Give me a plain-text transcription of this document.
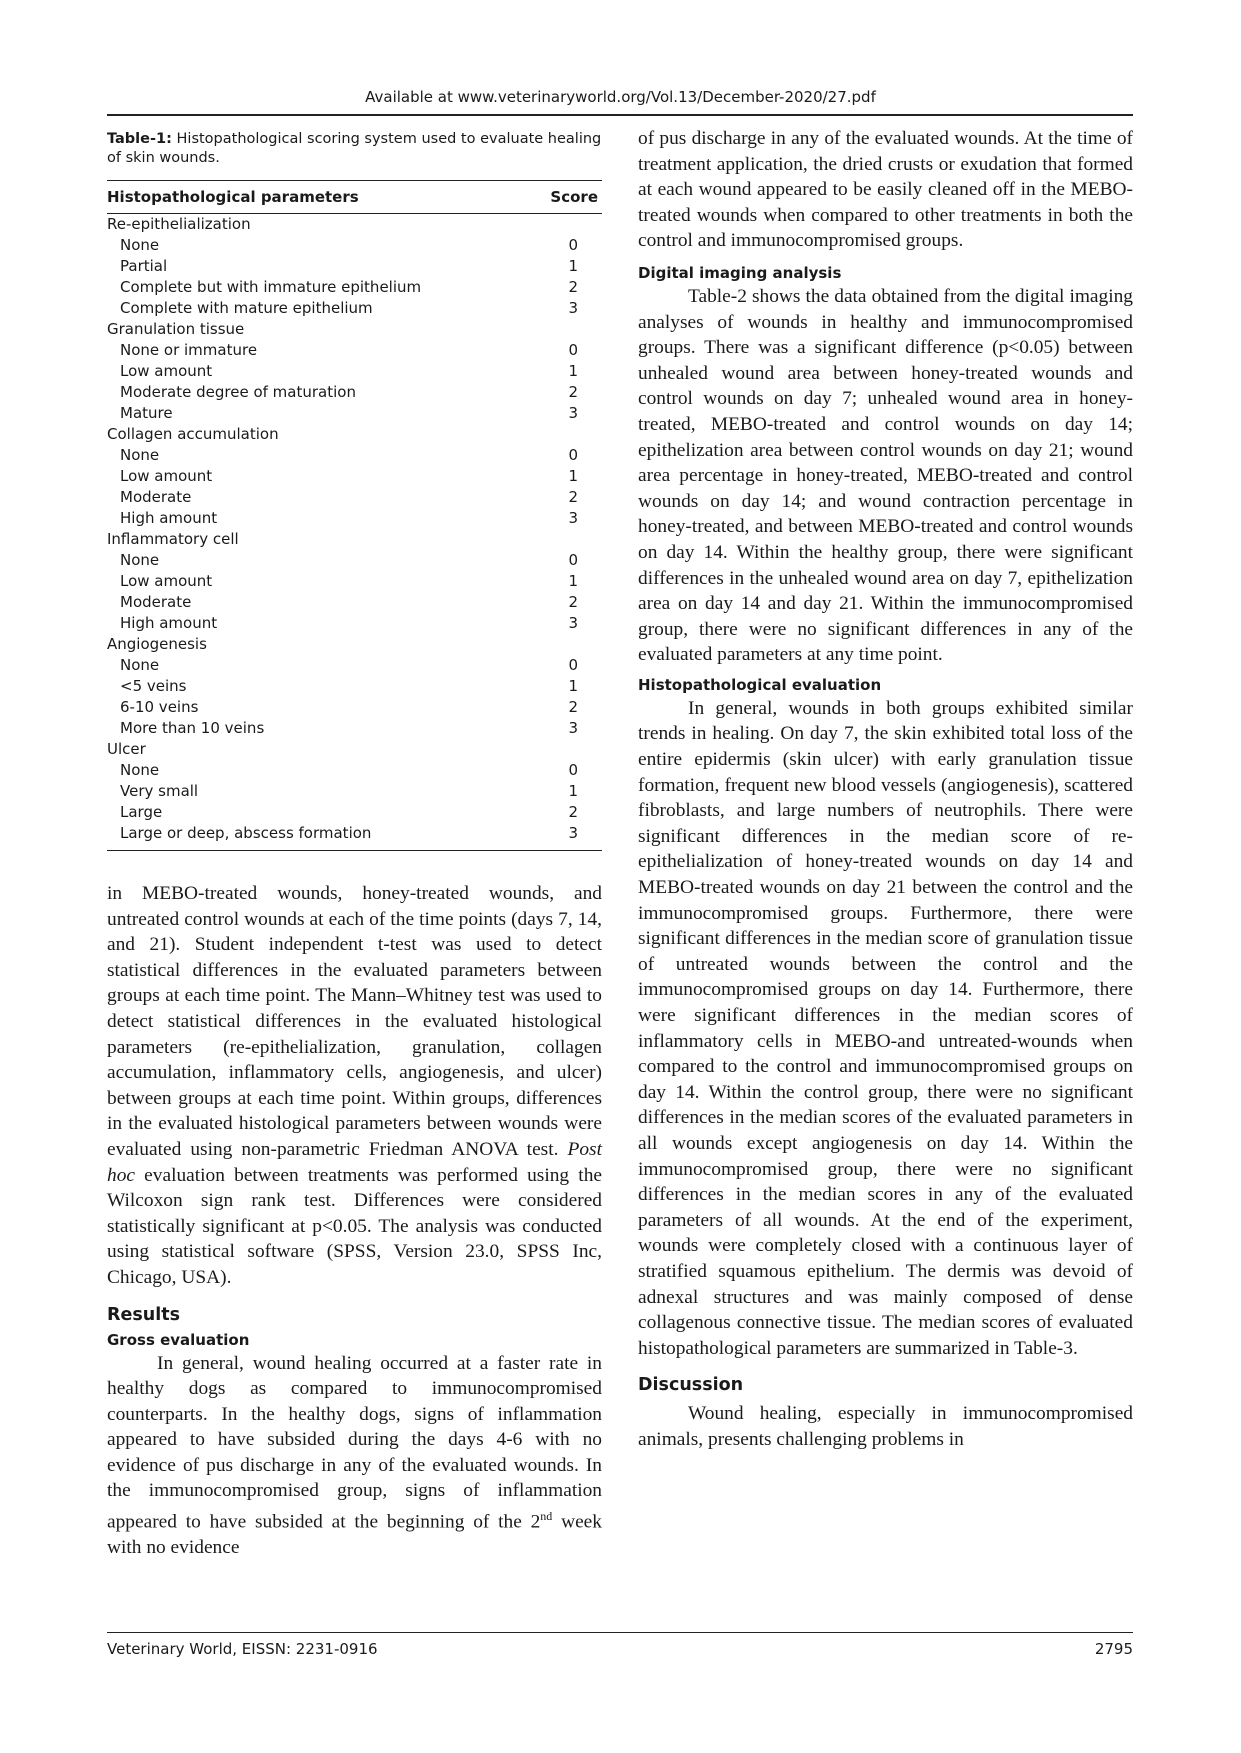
Available at www.veterinaryworld.org/Vol.13/December-2020/27.pdf
Table-1: Histopathological scoring system used to evaluate healing of skin wounds.
Histopathological parameters	Score
Re-epithelialization	
None	0
Partial	1
Complete but with immature epithelium	2
Complete with mature epithelium	3
Granulation tissue	
None or immature	0
Low amount	1
Moderate degree of maturation	2
Mature	3
Collagen accumulation	
None	0
Low amount	1
Moderate	2
High amount	3
Inflammatory cell	
None	0
Low amount	1
Moderate	2
High amount	3
Angiogenesis	
None	0
<5 veins	1
6-10 veins	2
More than 10 veins	3
Ulcer	
None	0
Very small	1
Large	2
Large or deep, abscess formation	3

in MEBO-treated wounds, honey-treated wounds, and untreated control wounds at each of the time points (days 7, 14, and 21). Student independent t-test was used to detect statistical differences in the evaluated parameters between groups at each time point. The Mann–Whitney test was used to detect statistical differences in the evaluated histological parameters (re-epithelialization, granulation, collagen accumulation, inflammatory cells, angiogenesis, and ulcer) between groups at each time point. Within groups, differences in the evaluated histological parameters between wounds were evaluated using non-parametric Friedman ANOVA test. Post hoc evaluation between treatments was performed using the Wilcoxon sign rank test. Differences were considered statistically significant at p<0.05. The analysis was conducted using statistical software (SPSS, Version 23.0, SPSS Inc, Chicago, USA).

Results
Gross evaluation

In general, wound healing occurred at a faster rate in healthy dogs as compared to immunocompromised counterparts. In the healthy dogs, signs of inflammation appeared to have subsided during the days 4-6 with no evidence of pus discharge in any of the evaluated wounds. In the immunocompromised group, signs of inflammation appeared to have subsided at the beginning of the 2nd week with no evidence

of pus discharge in any of the evaluated wounds. At the time of treatment application, the dried crusts or exudation that formed at each wound appeared to be easily cleaned off in the MEBO-treated wounds when compared to other treatments in both the control and immunocompromised groups.

Digital imaging analysis

Table-2 shows the data obtained from the digital imaging analyses of wounds in healthy and immunocompromised groups. There was a significant difference (p<0.05) between unhealed wound area between honey-treated wounds and control wounds on day 7; unhealed wound area in honey-treated, MEBO-treated and control wounds on day 14; epithelization area between control wounds on day 21; wound area percentage in honey-treated, MEBO-treated and control wounds on day 14; and wound contraction percentage in honey-treated, and between MEBO-treated and control wounds on day 14. Within the healthy group, there were significant differences in the unhealed wound area on day 7, epithelization area on day 14 and day 21. Within the immunocompromised group, there were no significant differences in any of the evaluated parameters at any time point.

Histopathological evaluation

In general, wounds in both groups exhibited similar trends in healing. On day 7, the skin exhibited total loss of the entire epidermis (skin ulcer) with early granulation tissue formation, frequent new blood vessels (angiogenesis), scattered fibroblasts, and large numbers of neutrophils. There were significant differences in the median score of re-epithelialization of honey-treated wounds on day 14 and MEBO-treated wounds on day 21 between the control and the immunocompromised groups. Furthermore, there were significant differences in the median score of granulation tissue of untreated wounds between the control and the immunocompromised groups on day 14. Furthermore, there were significant differences in the median scores of inflammatory cells in MEBO-and untreated-wounds when compared to the control and immunocompromised groups on day 14. Within the control group, there were no significant differences in the median scores of the evaluated parameters in all wounds except angiogenesis on day 14. Within the immunocompromised group, there were no significant differences in the median scores in any of the evaluated parameters of all wounds. At the end of the experiment, wounds were completely closed with a continuous layer of stratified squamous epithelium. The dermis was devoid of adnexal structures and was mainly composed of dense collagenous connective tissue. The median scores of evaluated histopathological parameters are summarized in Table-3.

Discussion

Wound healing, especially in immunocompromised animals, presents challenging problems in

Veterinary World, EISSN: 2231-0916	2795
